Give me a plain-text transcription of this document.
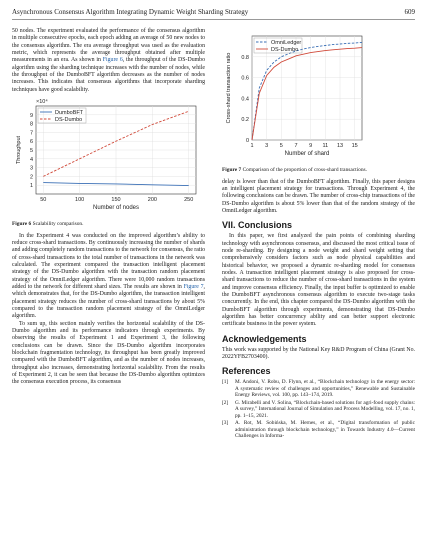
Asynchronous Consensus Algorithm Integrating Dynamic Weight Sharding Strategy	609

50 nodes. The experiment evaluated the performance of the consensus algorithm in multiple consecutive epochs, each epoch adding an average of 50 new nodes to the consensus algorithm. The era average throughput was used as the evaluation metric, which represents the average throughput obtained after multiple measurements in an era. As shown in Figure 6, the throughput of the DS-Dumbo algorithm using the sharding technique increases with the number of nodes, while the throughput of the DumboBFT algorithm decreases as the number of nodes increases. This indicates that consensus algorithms that incorporate sharding techniques have good scalability.

50	100	150	200	250
1
2
3
4
5
6
7
8
9
Number of nodes
Throughput
×10⁴
DumboBFT
DS-Dumbo
Figure 6 Scalability comparison.

In the Experiment 4 was conducted on the improved algorithm’s ability to reduce cross-shard transactions. By continuously increasing the number of shards and adding completely random transactions to the network for consensus, the ratio of cross-shard transactions to the total number of transactions in the network was calculated. The experiment compared the transaction intelligent placement strategy of the DS-Dumbo algorithm with the transaction random placement strategy of the OmniLedger algorithm. There were 10,000 random transactions added to the network for different shard sizes. The results are shown in Figure 7, which demonstrates that, for the DS-Dumbo algorithm, the transaction intelligent placement strategy reduces the number of cross-shard transactions by about 5% compared to the transaction random placement strategy of the OmniLedger algorithm.

To sum up, this section mainly verifies the horizontal scalability of the DS-Dumbo algorithm and its performance indicators through experiments. By observing the results of Experiment 1 and Experiment 3, the following conclusions can be drawn. Since the DS-Dumbo algorithm incorporates blockchain fragmentation technology, its throughput has been greatly improved compared with the DumboBFT algorithm, and as the number of nodes increases, throughput also increases, demonstrating horizontal scalability. From the results of Experiment 2, it can be seen that because the DS-Dumbo algorithm optimizes the consensus execution process, its consensus

1 3 5 7 9 11 13 15
0
0.2
0.4
0.6
0.8
Number of shard
Cross-shard transaction ratio
OmniLedger
DS-Dumbo
Figure 7 Comparison of the proportion of cross-shard transactions.

delay is lower than that of the DumboBFT algorithm. Finally, this paper designs an intelligent placement strategy for transactions. Through Experiment 4, the following conclusions can be drawn. The number of cross-chip transactions of the DS-Dumbo algorithm is about 5% lower than that of the random strategy of the OmniLedger algorithm.

VII. Conclusions

In this paper, we first analyzed the pain points of combining sharding technology with asynchronous consensus, and discussed the most critical issue of node re-sharding. By designing a node weight and shard weight setting that comprehensively considers factors such as node physical capabilities and historical behavior, we proposed a dynamic re-sharding model for consensus nodes. A transaction intelligent placement strategy is also proposed for cross-shard transactions to reduce the number of cross-shard transactions in the system and improve consensus efficiency. Finally, the input buffer is optimized to enable the DumboBFT asynchronous consensus algorithm to execute two-stage tasks concurrently. In the end, this chapter compared the DS-Dumbo algorithm with the DumboBFT algorithm through experiments, demonstrating that DS-Dumbo algorithm has better concurrency ability and can better support electronic certificate business in the power system.

Acknowledgements

This work was supported by the National Key R&D Program of China (Grant No. 2022YFB2703400).

References
[1]	M. Andoni, V. Robu, D. Flynn, et al., “Blockchain technology in the energy sector: A systematic review of challenges and opportunities,” Renewable and Sustainable Energy Reviews, vol. 100, pp. 143–174, 2019.
[2]	G. Mirabelli and V. Solina, “Blockchain-based solutions for agri-food supply chains: A survey,” International Journal of Simulation and Process Modelling, vol. 17, no. 1, pp. 1–15, 2021.
[3]	A. Rot, M. Sobińska, M. Hernes, et al., “Digital transformation of public administration through blockchain technology,” in Towards Industry 4.0—Current Challenges in Informa-
